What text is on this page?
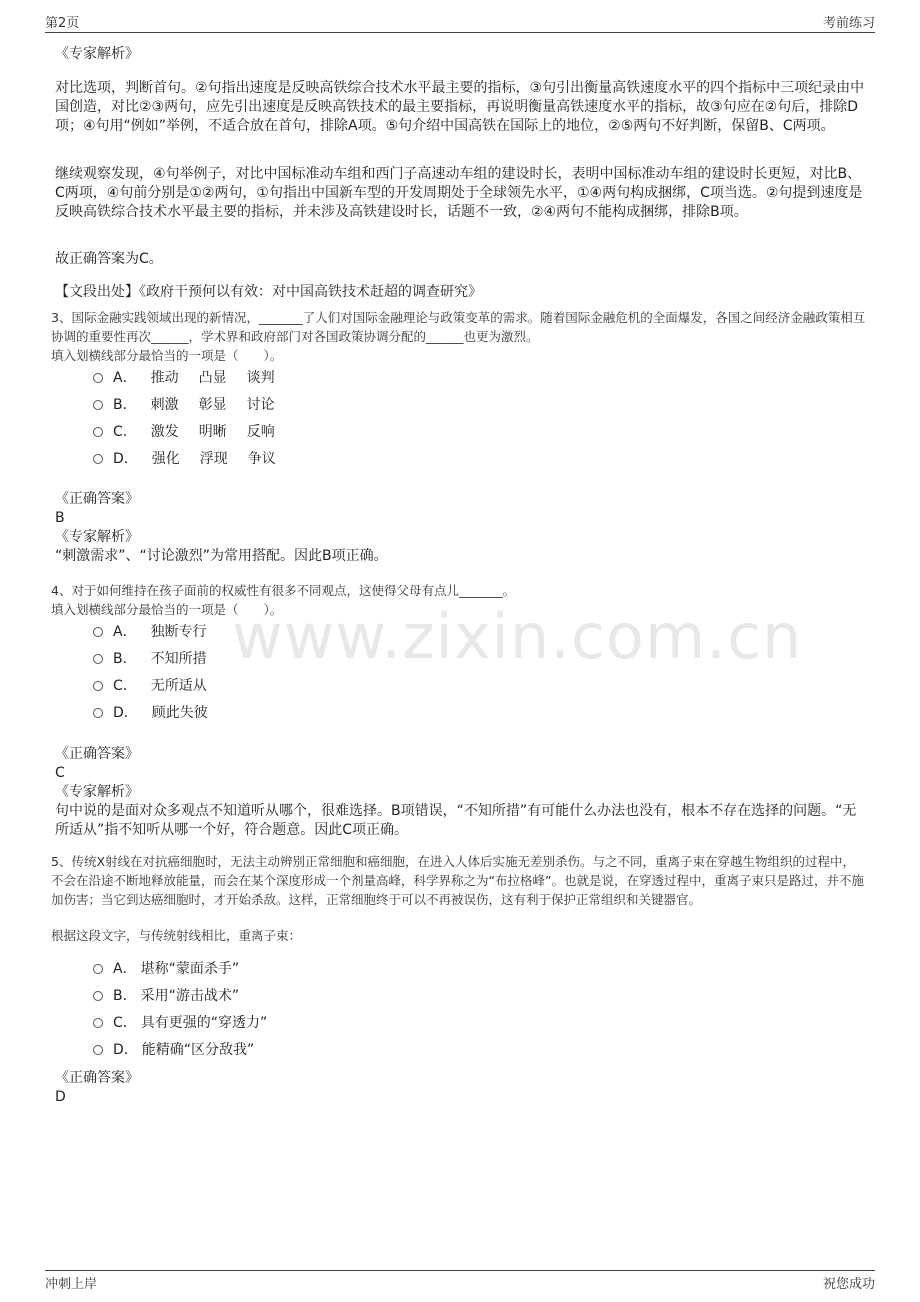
第2页	考前练习
www.zixin.com.cn
《专家解析》
对比选项，判断首句。②句指出速度是反映高铁综合技术水平最主要的指标，③句引出衡量高铁速度水平的四个指标中三项纪录由中国创造，对比②③两句，应先引出速度是反映高铁技术的最主要指标，再说明衡量高铁速度水平的指标，故③句应在②句后，排除D项；④句用“例如”举例，不适合放在首句，排除A项。⑤句介绍中国高铁在国际上的地位，②⑤两句不好判断，保留B、C两项。
继续观察发现，④句举例子，对比中国标准动车组和西门子高速动车组的建设时长，表明中国标准动车组的建设时长更短，对比B、C两项，④句前分别是①②两句，①句指出中国新车型的开发周期处于全球领先水平，①④两句构成捆绑，C项当选。②句提到速度是反映高铁综合技术水平最主要的指标，并未涉及高铁建设时长，话题不一致，②④两句不能构成捆绑，排除B项。
故正确答案为C。
【文段出处】《政府干预何以有效：对中国高铁技术赶超的调查研究》
3、国际金融实践领域出现的新情况，_______了人们对国际金融理论与政策变革的需求。随着国际金融危机的全面爆发，各国之间经济金融政策相互协调的重要性再次______，学术界和政府部门对各国政策协调分配的______也更为激烈。
填入划横线部分最恰当的一项是（　　）。
A． 推动 凸显 谈判
B． 刺激 彰显 讨论
C． 激发 明晰 反响
D． 强化 浮现 争议
《正确答案》
B
《专家解析》
“刺激需求”、“讨论激烈”为常用搭配。因此B项正确。
4、对于如何维持在孩子面前的权威性有很多不同观点，这使得父母有点儿_______。
填入划横线部分最恰当的一项是（　　）。
A． 独断专行
B． 不知所措
C． 无所适从
D． 顾此失彼
《正确答案》
C
《专家解析》
句中说的是面对众多观点不知道听从哪个，很难选择。B项错误，“不知所措”有可能什么办法也没有，根本不存在选择的问题。“无所适从”指不知听从哪一个好，符合题意。因此C项正确。
5、传统X射线在对抗癌细胞时，无法主动辨别正常细胞和癌细胞，在进入人体后实施无差别杀伤。与之不同，重离子束在穿越生物组织的过程中，不会在沿途不断地释放能量，而会在某个深度形成一个剂量高峰，科学界称之为“布拉格峰”。也就是说，在穿透过程中，重离子束只是路过，并不施加伤害；当它到达癌细胞时，才开始杀敌。这样，正常细胞终于可以不再被误伤，这有利于保护正常组织和关键器官。
根据这段文字，与传统射线相比，重离子束：
A． 堪称“蒙面杀手”
B． 采用“游击战术”
C． 具有更强的“穿透力”
D． 能精确“区分敌我”
《正确答案》
D
冲刺上岸	祝您成功
